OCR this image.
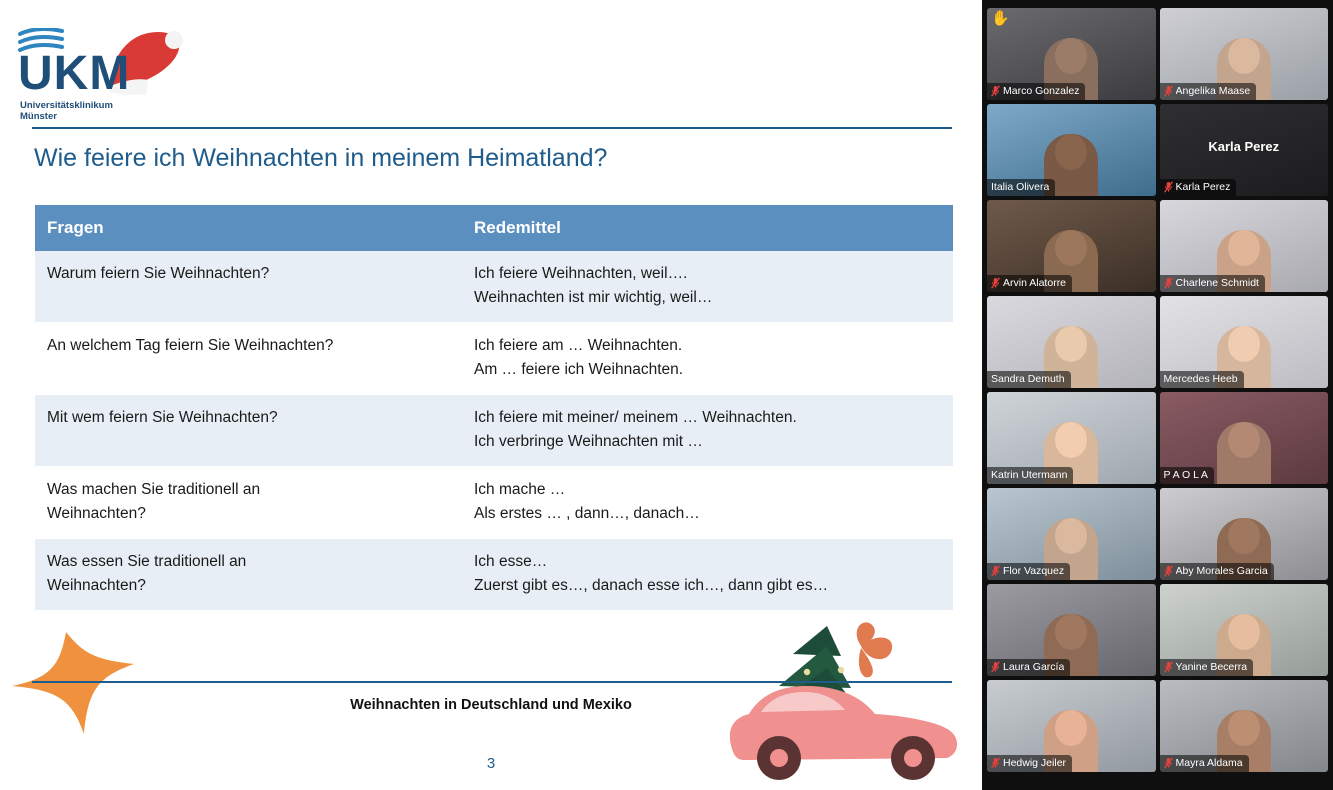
UKM
Universitätsklinikum
Münster
Wie feiere ich Weihnachten in meinem Heimatland?
Fragen	Redemittel

Warum feiern Sie Weihnachten?	Ich feiere Weihnachten, weil….
Weihnachten ist mir wichtig, weil…

An welchem Tag feiern Sie Weihnachten?	Ich feiere am … Weihnachten.
Am … feiere ich Weihnachten.

Mit wem feiern Sie Weihnachten?	Ich feiere mit meiner/ meinem … Weihnachten.
Ich verbringe Weihnachten mit …

Was machen Sie traditionell an
Weihnachten?	Ich mache …
Als erstes … , dann…, danach…

Was essen Sie traditionell an
Weihnachten?	Ich esse…
Zuerst gibt es…, danach esse ich…, dann gibt es…
Weihnachten in Deutschland und Mexiko
3
✋
Marco Gonzalez	Angelika Maase
Italia Olivera
Karla Perez
Karla Perez
Arvin Alatorre	Charlene Schmidt
Sandra Demuth	Mercedes Heeb
Katrin Utermann	P A O L A
Flor Vazquez	Aby Morales Garcia
Laura García	Yanine Becerra
Hedwig Jeiler	Mayra Aldama
